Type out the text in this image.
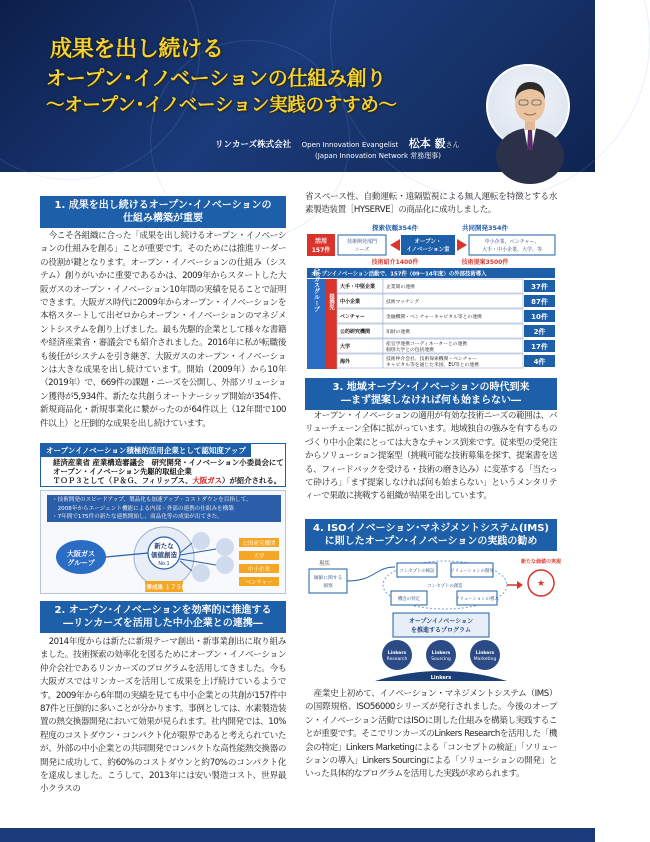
成果を出し続ける
オープン･イノベーションの仕組み創り
〜オープン･イノベーション実践のすすめ〜
リンカーズ株式会社 Open Innovation Evangelist 松本 毅さん
(Japan Innovation Network 常務理事)
1. 成果を出し続けるオープン･イノベーションの
仕組み構築が重要
今こそ各組織に合った「成果を出し続けるオープン・イノベーションの仕組みを創る」ことが重要です。そのためには推進リーダーの役割が鍵となります。オープン・イノベーションの仕組み（システム）創りがいかに重要であるかは、2009年からスタートした大阪ガスのオープン・イノベーション10年間の実績を見ることで証明できます。大阪ガス時代に2009年からオープン・イノベーションを本格スタートして出ゼロからオープン・イノベーションのマネジメントシステムを創り上げました。最も先駆的企業として様々な書籍や経済産業省・審議会でも紹介されました。2016年に私が転職後も後任がシステムを引き継ぎ、大阪ガスのオープン・イノベーションは大きな成果を出し続けています。開始（2009年）から10年（2019年）で、669件の課題・ニーズを公開し、外部ソリューション獲得が5,934件、新たな共創うオートナーシップ開始が354件、新規商品化・新規事業化に繋がったのが64件以上（12年間で100件以上）と圧倒的な成果を出し続けています。
オープンイノベーション積極的活用企業として認知度アップ
経済産業省 産業構造審議会　研究開発・イノベーション小委員会にて
オープン・イノベーション先駆的取組企業
ＴＯＰ３として（Ｐ＆Ｇ、フィリップス、大阪ガス）が紹介される。
・技術開発のスピードアップ、製品化も加速アップ・コストダウンを目指して、
　2008年からエージェント機能による内部・外部の連携の仕組みを構築
・7年間で175件の新たな連携開始し、商品化等の成果が出てきた。
大阪ガスグループ
新たな
価値創造
No.1
公的研究機関
大学
中小企業
ベンチャー
主要成果 １７５件
2. オープン･イノベーションを効率的に推進する
―リンカーズを活用した中小企業との連携―
2014年度からは新たに新規テーマ創出・新事業創出に取り組みました。技術探索の効率化を図るためにオープン・イノベーション仲介会社であるリンカーズのプログラムを活用してきました。今も大阪ガスではリンカーズを活用して成果を上げ続けているようです。2009年から6年間の実績を見ても中小企業との共創が157件中87件と圧倒的に多いことが分かります。事例としては、水素製造装置の熱交換器開発において効果が見られます。社内開発では、10%程度のコストダウン・コンパクト化が限界であると考えられていたが、外部の中小企業との共同開発でコンパクトな高性能熱交換器の開発に成功して、約60%のコストダウンと約70%のコンパクト化を達成しました。こうして、2013年には安い製造コスト、世界最小クラスの
省スペース性、自動運転・遠隔監視による無人運転を特徴とする水素製造装置［HYSERVE］の商品化に成功しました。
探索依頼354件	共同開発354件
活用
157件
技術開発部門
ニーズ
オープン・
イノベーション室
中小企業、ベンチャー、
大手・中小企業、大学、等
技術紹介1400件	技術提案3500件
オープンイノベーション活動で、157件（09〜14年度）の外部技術導入
大阪ガスグループ 提携先
大手・中堅企業 企業間の連携	37件
中小企業	技術マッチング	87件
ベンチャー	金融機関・ベンチャーキャピタル等との連携	10件
公的研究機関	知財の連携	2件
大学	産官学連携コーディネーターとの連携
個別大学との包括連携	17件
海外	技術仲介会社、技術探索機関・ベンチャー
キャピタル等を通じた米国、EU等との連携	4件
3. 地域オープン･イノベーションの時代到来
―まず提案しなければ何も始まらない―
オープン・イノベーションの適用が有効な技術ニーズの範囲は、バリューチェーン全体に拡がっています。地域独自の強みを有するものづくり中小企業にとっては大きなチャンス到来です。従来型の受発注からソリューション提案型（挑戦可能な技術募集を探す、提案書を送る、フィードバックを受ける・技術の磨き込み）に変革する「当たって砕けろ」「まず提案しなければ何も始まらない」というメンタリティーで果敢に挑戦する組織が結果を出しています。
4. ISOイノベーション･マネジメントシステム(IMS)
に則したオープン･イノベーションの実践の勧め
現状
価値に関する
洞察
コンセプトの検証	ソリューションの開発
ソリューションの導入
機会の特定
コンセプトの創造
新たな価値の実現
★
オープンイノベーション
を推進するプログラム
Linkers
Research
Linkers
Sourcing
Linkers
Marketing
Linkers
産業史上初めて、イノベーション・マネジメントシステム（IMS）の国際規格、ISO56000シリーズが発行されました。今後のオープン・イノベーション活動ではISOに則した仕組みを構築し実践することが重要です。そこでリンカーズのLinkers Researchを活用した「機会の特定」Linkers Marketingによる「コンセプトの検証」「ソリューションの導入」Linkers Sourcingによる「ソリューションの開発」といった具体的なプログラムを活用した実践が求められます。
